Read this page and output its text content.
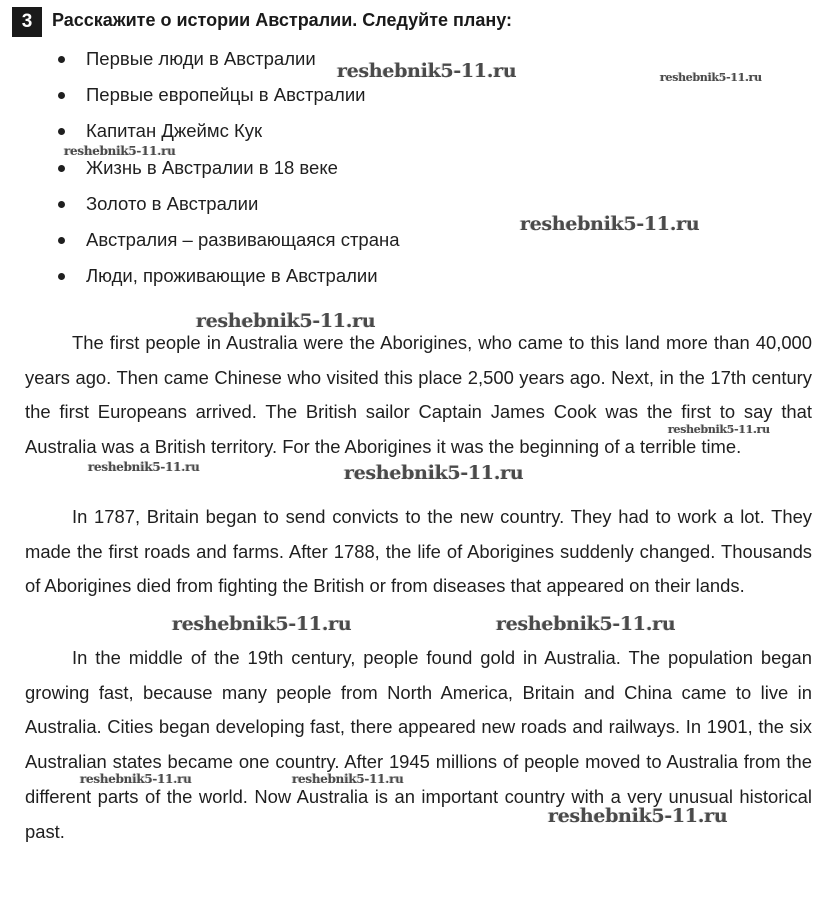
3	Расскажите о истории Австралии. Следуйте плану:
Первые люди в Австралии
Первые европейцы в Австралии
Капитан Джеймс Кук
Жизнь в Австралии в 18 веке
Золото в Австралии
Австралия – развивающаяся страна
Люди, проживающие в Австралии

The first people in Australia were the Aborigines, who came to this land more than 40,000 years ago. Then came Chinese who visited this place 2,500 years ago. Next, in the 17th century the first Europeans arrived. The British sailor Captain James Cook was the first to say that Australia was a British territory. For the Aborigines it was the beginning of a terrible time.

In 1787, Britain began to send convicts to the new country. They had to work a lot. They made the first roads and farms. After 1788, the life of Aborigines suddenly changed. Thousands of Aborigines died from fighting the British or from diseases that appeared on their lands.

In the middle of the 19th century, people found gold in Australia. The population began growing fast, because many people from North America, Britain and China came to live in Australia. Cities began developing fast, there appeared new roads and railways. In 1901, the six Australian states became one country. After 1945 millions of people moved to Australia from the different parts of the world. Now Australia is an important country with a very unusual historical past.

reshebnik5-11.ru	reshebnik5-11.ru
reshebnik5-11.ru
reshebnik5-11.ru
reshebnik5-11.ru
reshebnik5-11.ru
reshebnik5-11.ru	reshebnik5-11.ru
reshebnik5-11.ru	reshebnik5-11.ru
reshebnik5-11.ru	reshebnik5-11.ru
reshebnik5-11.ru
